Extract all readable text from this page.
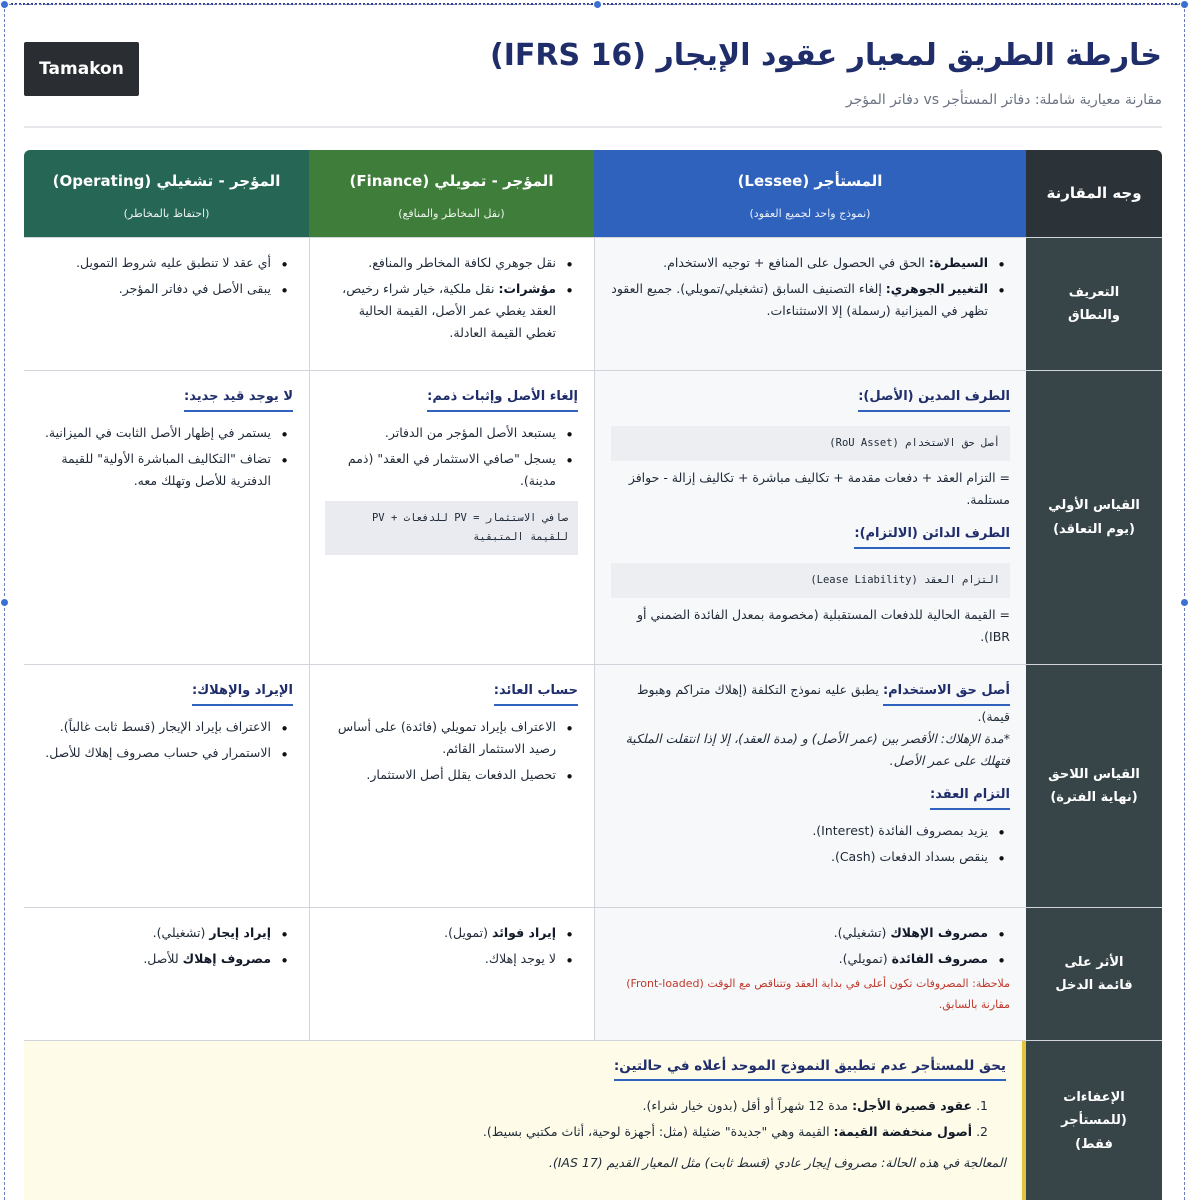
خارطة الطريق لمعيار عقود الإيجار (IFRS 16)
مقارنة معيارية شاملة: دفاتر المستأجر vs دفاتر المؤجر
Tamakon
وجه المقارنة
المستأجر (Lessee)
(نموذج واحد لجميع العقود)
المؤجر - تمويلي (Finance)
(نقل المخاطر والمنافع)
المؤجر - تشغيلي (Operating)
(احتفاظ بالمخاطر)
التعريف
والنطاق
• السيطرة: الحق في الحصول على المنافع + توجيه الاستخدام.
• التغيير الجوهري: إلغاء التصنيف السابق (تشغيلي/تمويلي). جميع العقود تظهر في الميزانية (رسملة) إلا الاستثناءات.
• نقل جوهري لكافة المخاطر والمنافع.
• مؤشرات: نقل ملكية، خيار شراء رخيص، العقد يغطي عمر الأصل، القيمة الحالية تغطي القيمة العادلة.
• أي عقد لا تنطبق عليه شروط التمويل.
• يبقى الأصل في دفاتر المؤجر.
القياس الأولي
(يوم التعاقد)
الطرف المدين (الأصل):
أصل حق الاستخدام (RoU Asset)
= التزام العقد + دفعات مقدمة + تكاليف مباشرة + تكاليف إزالة - حوافز مستلمة.
الطرف الدائن (الالتزام):
التزام العقد (Lease Liability)
= القيمة الحالية للدفعات المستقبلية (مخصومة بمعدل الفائدة الضمني أو IBR).
إلغاء الأصل وإثبات ذمم:
• يستبعد الأصل المؤجر من الدفاتر.
• يسجل "صافي الاستثمار في العقد" (ذمم مدينة).
صافي الاستثمار = PV للدفعات + PV للقيمة المتبقية
لا يوجد قيد جديد:
• يستمر في إظهار الأصل الثابت في الميزانية.
• تضاف "التكاليف المباشرة الأولية" للقيمة الدفترية للأصل وتهلك معه.
القياس اللاحق
(نهاية الفترة)
أصل حق الاستخدام: يطبق عليه نموذج التكلفة (إهلاك متراكم وهبوط قيمة).
*مدة الإهلاك: الأقصر بين (عمر الأصل) و (مدة العقد)، إلا إذا انتقلت الملكية فتهلك على عمر الأصل.
التزام العقد:
• يزيد بمصروف الفائدة (Interest).
• ينقص بسداد الدفعات (Cash).
حساب العائد:
• الاعتراف بإيراد تمويلي (فائدة) على أساس رصيد الاستثمار القائم.
• تحصيل الدفعات يقلل أصل الاستثمار.
الإيراد والإهلاك:
• الاعتراف بإيراد الإيجار (قسط ثابت غالباً).
• الاستمرار في حساب مصروف إهلاك للأصل.
الأثر على
قائمة الدخل
• مصروف الإهلاك (تشغيلي).
• مصروف الفائدة (تمويلي).
ملاحظة: المصروفات تكون أعلى في بداية العقد وتتناقص مع الوقت (Front-loaded) مقارنة بالسابق.
• إيراد فوائد (تمويل).
• لا يوجد إهلاك.
• إيراد إيجار (تشغيلي).
• مصروف إهلاك للأصل.
الإعفاءات
(للمستأجر فقط)
يحق للمستأجر عدم تطبيق النموذج الموحد أعلاه في حالتين:
1. عقود قصيرة الأجل: مدة 12 شهراً أو أقل (بدون خيار شراء).
2. أصول منخفضة القيمة: القيمة وهي "جديدة" ضئيلة (مثل: أجهزة لوحية، أثاث مكتبي بسيط).
المعالجة في هذه الحالة: مصروف إيجار عادي (قسط ثابت) مثل المعيار القديم (IAS 17).
